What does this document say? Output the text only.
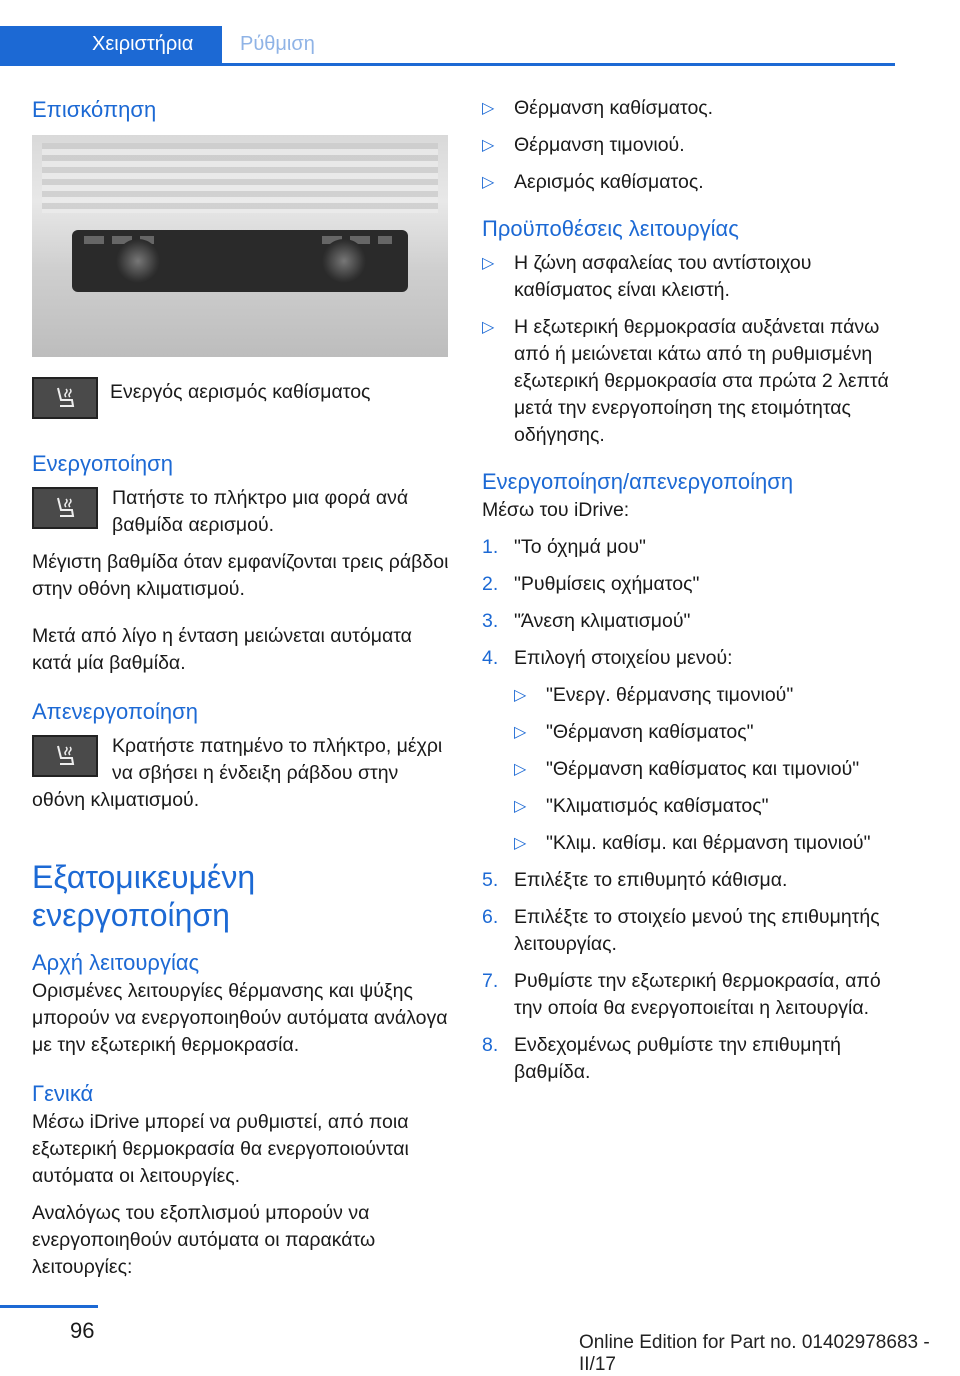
Χειριστήρια	Ρύθμιση
Επισκόπηση

Ενεργός αερισμός καθίσματος

Ενεργοποίηση

Πατήστε το πλήκτρο μια φορά ανά βαθμίδα αερισμού.

Μέγιστη βαθμίδα όταν εμφανίζονται τρεις ράβδοι στην οθόνη κλιματισμού.

Μετά από λίγο η ένταση μειώνεται αυτόματα κατά μία βαθμίδα.

Απενεργοποίηση

Κρατήστε πατημένο το πλήκτρο, μέχρι να σβήσει η ένδειξη ράβδου στην οθόνη κλιματισμού.

Εξατομικευμένη ενεργοποίηση
Αρχή λειτουργίας

Ορισμένες λειτουργίες θέρμανσης και ψύξης μπορούν να ενεργοποιηθούν αυτόματα ανάλογα με την εξωτερική θερμοκρασία.

Γενικά

Μέσω iDrive μπορεί να ρυθμιστεί, από ποια εξωτερική θερμοκρασία θα ενεργοποιούνται αυτόματα οι λειτουργίες.

Αναλόγως του εξοπλισμού μπορούν να ενεργοποιηθούν αυτόματα οι παρακάτω λειτουργίες:

▷ Θέρμανση καθίσματος.
▷ Θέρμανση τιμονιού.
▷ Αερισμός καθίσματος.
Προϋποθέσεις λειτουργίας
▷ Η ζώνη ασφαλείας του αντίστοιχου καθίσματος είναι κλειστή.
▷ Η εξωτερική θερμοκρασία αυξάνεται πάνω από ή μειώνεται κάτω από τη ρυθμισμένη εξωτερική θερμοκρασία στα πρώτα 2 λεπτά μετά την ενεργοποίηση της ετοιμότητας οδήγησης.
Ενεργοποίηση/απενεργοποίηση

Μέσω του iDrive:

1. "Το όχημά μου"
2. "Ρυθμίσεις οχήματος"
3. "Άνεση κλιματισμού"
4. Επιλογή στοιχείου μενού:
▷ "Ενεργ. θέρμανσης τιμονιού"
▷ "Θέρμανση καθίσματος"
▷ "Θέρμανση καθίσματος και τιμονιού"
▷ "Κλιματισμός καθίσματος"
▷ "Κλιμ. καθίσμ. και θέρμανση τιμονιού"
5. Επιλέξτε το επιθυμητό κάθισμα.
6. Επιλέξτε το στοιχείο μενού της επιθυμητής λειτουργίας.
7. Ρυθμίστε την εξωτερική θερμοκρασία, από την οποία θα ενεργοποιείται η λειτουργία.
8. Ενδεχομένως ρυθμίστε την επιθυμητή βαθμίδα.
96	Online Edition for Part no. 01402978683 - II/17
